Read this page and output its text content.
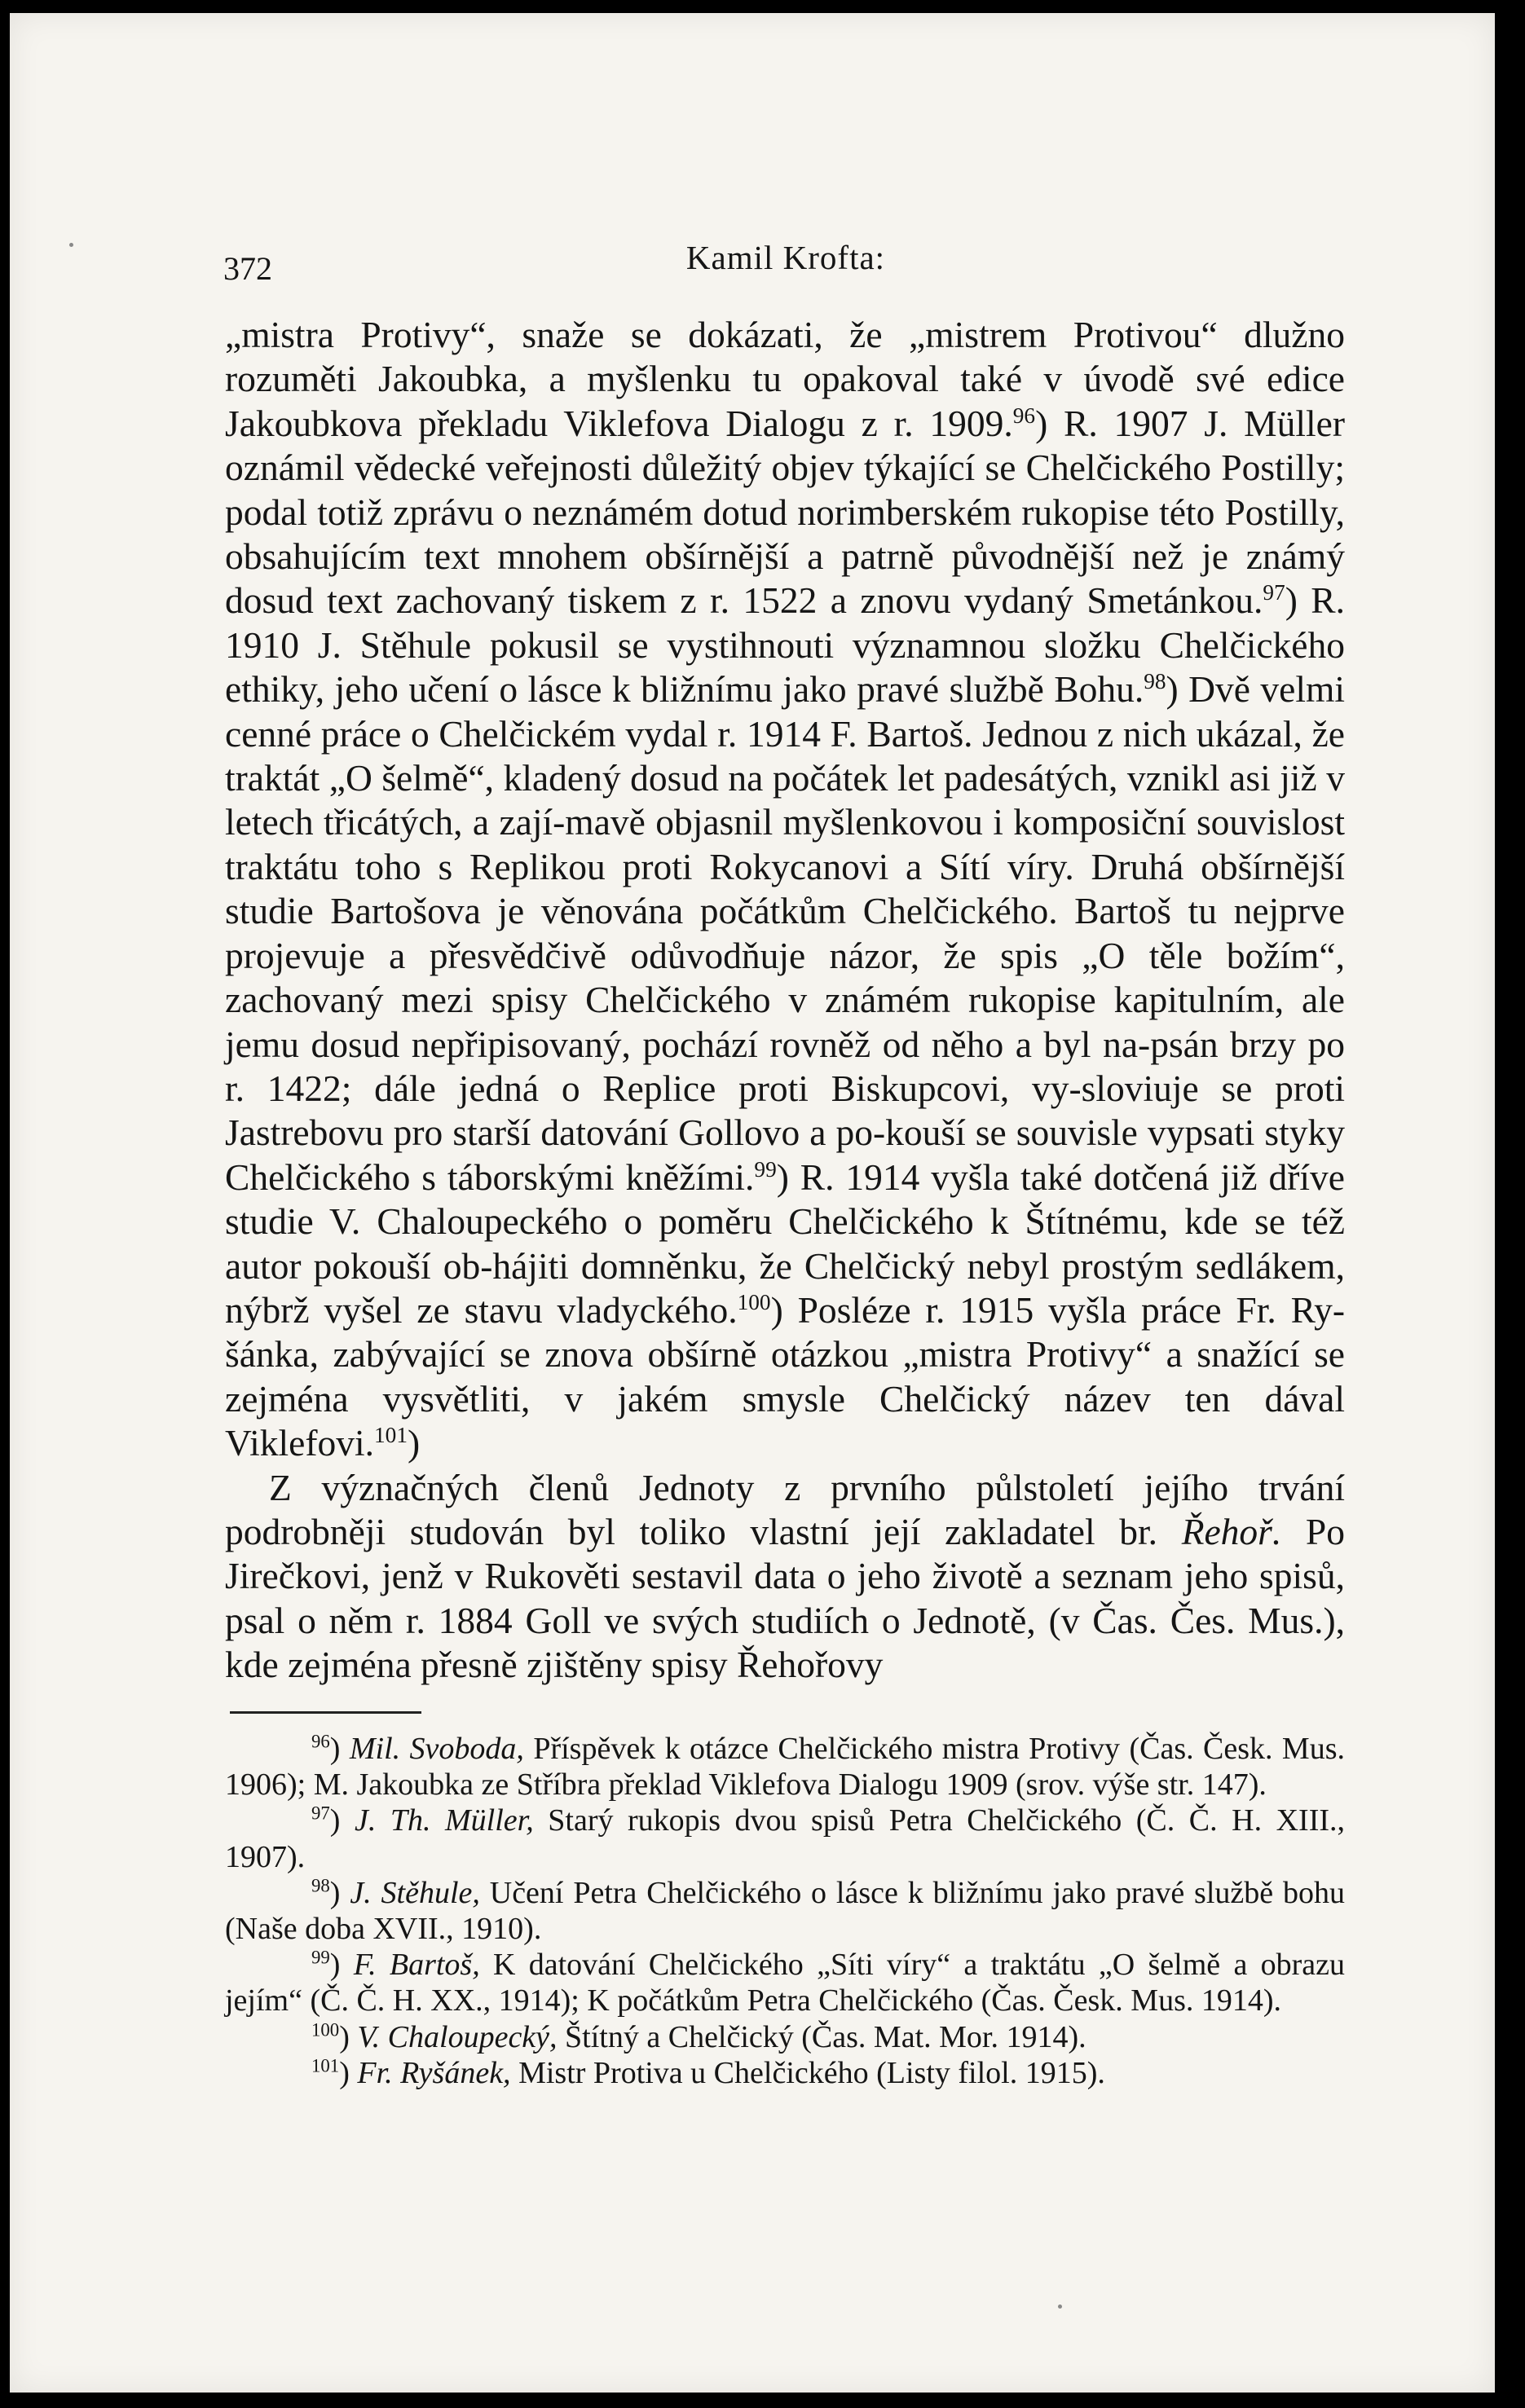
372	Kamil Krofta:

„mistra Protivy“, snaže se dokázati, že „mistrem Protivou“ dlužno rozuměti Jakoubka, a myšlenku tu opakoval také v úvodě své edice Jakoubkova překladu Viklefova Dialogu z r. 1909.96) R. 1907 J. Müller oznámil vědecké veřejnosti důležitý objev týkající se Chelčického Postilly; podal totiž zprávu o neznámém dotud norimberském rukopise této Postilly, obsahujícím text mnohem obšírnější a patrně původnější než je známý dosud text zachovaný tiskem z r. 1522 a znovu vydaný Smetánkou.$^{97}$) R. 1910 J. Stěhule pokusil se vystihnouti významnou složku Chelčického ethiky, jeho učení o lásce k bližnímu jako pravé službě Bohu.$^{98}$) Dvě velmi cenné práce o Chelčickém vydal r. 1914 F. Bartoš. Jednou z nich ukázal, že traktát „O šelmě“, kladený dosud na počátek let padesátých, vznikl asi již v letech třicátých, a zají-mavě objasnil myšlenkovou i komposiční souvislost traktátu toho s Replikou proti Rokycanovi a Sítí víry. Druhá obšírnější studie Bartošova je věnována počátkům Chelčického. Bartoš tu nejprve projevuje a přesvědčivě odůvodňuje názor, že spis „O těle božím“, zachovaný mezi spisy Chelčického v známém rukopise kapitulním, ale jemu dosud nepřipisovaný, pochází rovněž od něho a byl na-psán brzy po r. 1422; dále jedná o Replice proti Biskupcovi, vy-sloviuje se proti Jastrebovu pro starší datování Gollovo a po-kouší se souvisle vypsati styky Chelčického s táborskými kněžími.$^{99}$) R. 1914 vyšla také dotčená již dříve studie V. Chaloupeckého o poměru Chelčického k Štítnému, kde se též autor pokouší ob-hájiti domněnku, že Chelčický nebyl prostým sedlákem, nýbrž vyšel ze stavu vladyckého.$^{100}$) Posléze r. 1915 vyšla práce Fr. Ry-šánka, zabývající se znova obšírně otázkou „mistra Protivy“ a snažící se zejména vysvětliti, v jakém smysle Chelčický název ten dával Viklefovi.$^{101}$)

Z význačných členů Jednoty z prvního půlstoletí jejího trvání podrobněji studován byl toliko vlastní její zakladatel br. Řehoř. Po Jirečkovi, jenž v Rukověti sestavil data o jeho životě a seznam jeho spisů, psal o něm r. 1884 Goll ve svých studiích o Jednotě, (v Čas. Čes. Mus.), kde zejména přesně zjištěny spisy Řehořovy

$^{96}$) Mil. Svoboda, Příspěvek k otázce Chelčického mistra Protivy (Čas. Česk. Mus. 1906); M. Jakoubka ze Stříbra překlad Viklefova Dialogu 1909 (srov. výše str. 147).

$^{97}$) J. Th. Müller, Starý rukopis dvou spisů Petra Chelčického (Č. Č. H. XIII., 1907).

$^{98}$) J. Stěhule, Učení Petra Chelčického o lásce k bližnímu jako pravé službě bohu (Naše doba XVII., 1910).

$^{99}$) F. Bartoš, K datování Chelčického „Síti víry“ a traktátu „O šelmě a obrazu jejím“ (Č. Č. H. XX., 1914); K počátkům Petra Chelčického (Čas. Česk. Mus. 1914).

$^{100}$) V. Chaloupecký, Štítný a Chelčický (Čas. Mat. Mor. 1914).

$^{101}$) Fr. Ryšánek, Mistr Protiva u Chelčického (Listy filol. 1915).
